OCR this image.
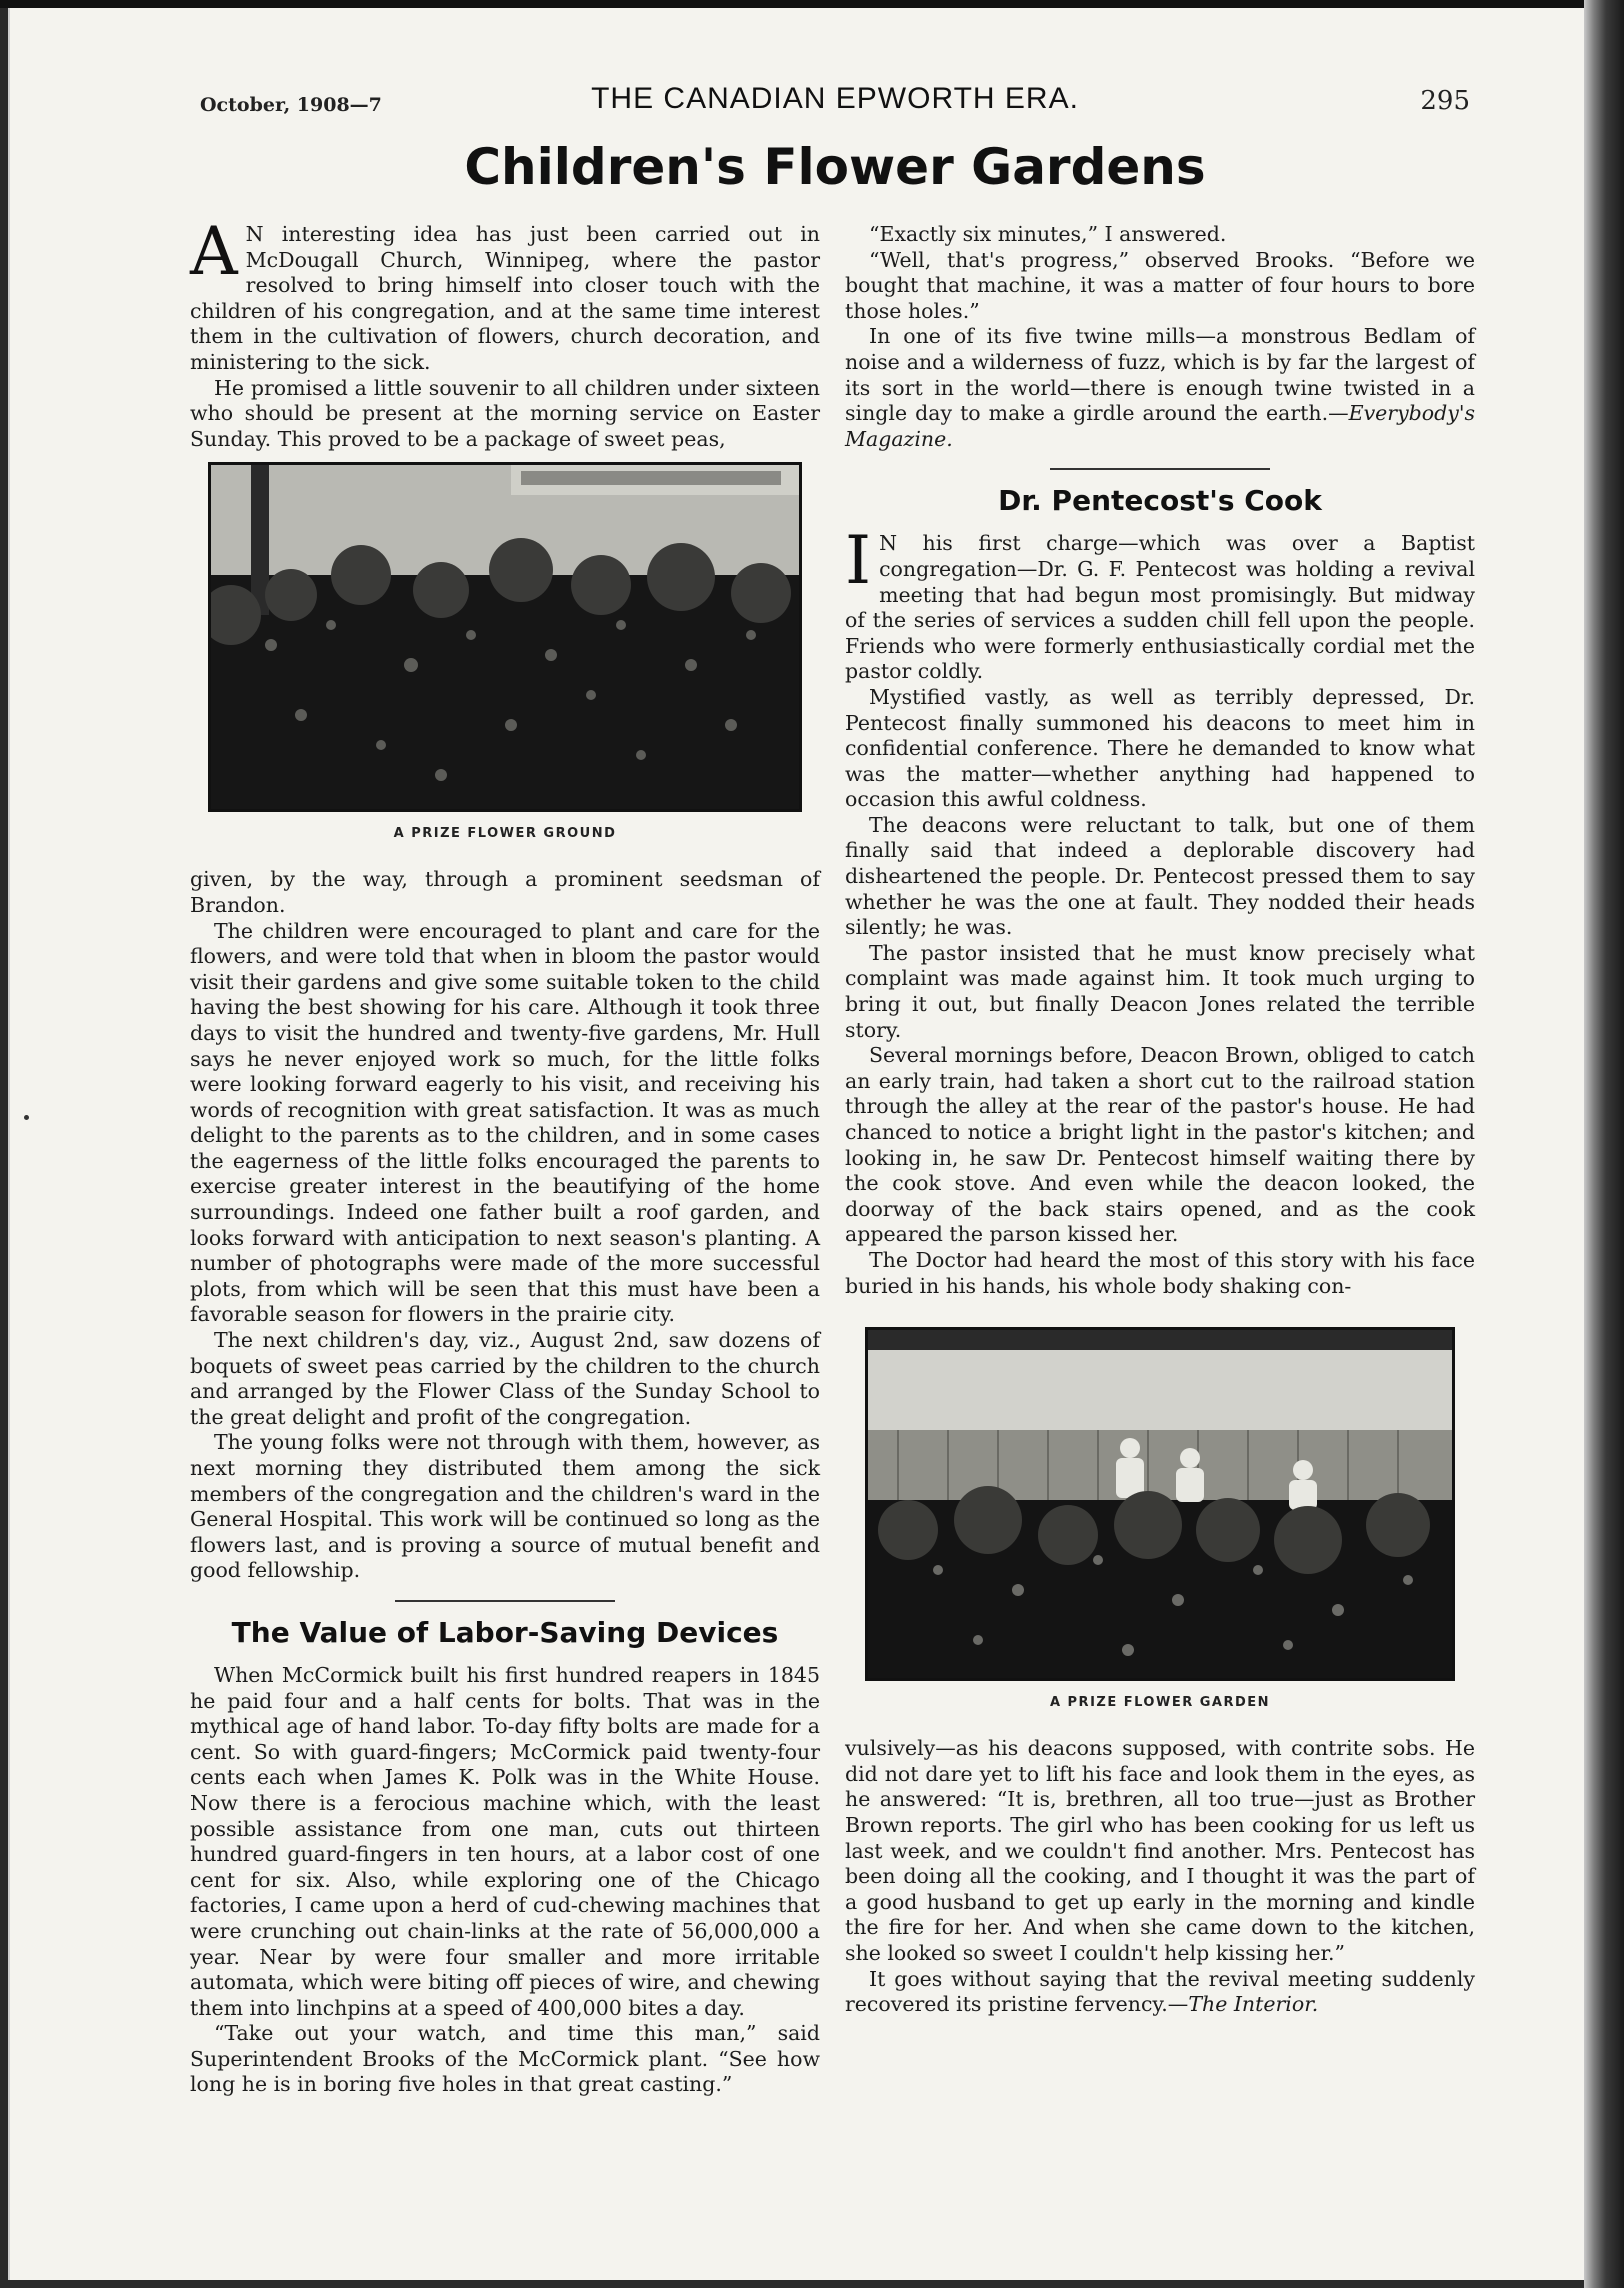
October, 1908—7	THE CANADIAN EPWORTH ERA.	295
Children's Flower Gardens

A N interesting idea has just been carried out in McDougall Church, Winnipeg, where the pastor resolved to bring himself into closer touch with the children of his congregation, and at the same time interest them in the cultivation of flowers, church decoration, and ministering to the sick.

He promised a little souvenir to all children under sixteen who should be present at the morning service on Easter Sunday. This proved to be a package of sweet peas,

A PRIZE FLOWER GROUND

given, by the way, through a prominent seedsman of Brandon.

The children were encouraged to plant and care for the flowers, and were told that when in bloom the pastor would visit their gardens and give some suitable token to the child having the best showing for his care. Although it took three days to visit the hundred and twenty-five gardens, Mr. Hull says he never enjoyed work so much, for the little folks were looking forward eagerly to his visit, and receiving his words of recognition with great satisfaction. It was as much delight to the parents as to the children, and in some cases the eagerness of the little folks encouraged the parents to exercise greater interest in the beautifying of the home surroundings. Indeed one father built a roof garden, and looks forward with anticipation to next season's planting. A number of photographs were made of the more successful plots, from which will be seen that this must have been a favorable season for flowers in the prairie city.

The next children's day, viz., August 2nd, saw dozens of boquets of sweet peas carried by the children to the church and arranged by the Flower Class of the Sunday School to the great delight and profit of the congregation.

The young folks were not through with them, however, as next morning they distributed them among the sick members of the congregation and the children's ward in the General Hospital. This work will be continued so long as the flowers last, and is proving a source of mutual benefit and good fellowship.

The Value of Labor-Saving Devices

When McCormick built his first hundred reapers in 1845 he paid four and a half cents for bolts. That was in the mythical age of hand labor. To-day fifty bolts are made for a cent. So with guard-fingers; McCormick paid twenty-four cents each when James K. Polk was in the White House. Now there is a ferocious machine which, with the least possible assistance from one man, cuts out thirteen hundred guard-fingers in ten hours, at a labor cost of one cent for six. Also, while exploring one of the Chicago factories, I came upon a herd of cud-chewing machines that were crunching out chain-links at the rate of 56,000,000 a year. Near by were four smaller and more irritable automata, which were biting off pieces of wire, and chewing them into linchpins at a speed of 400,000 bites a day.

“Take out your watch, and time this man,” said Superintendent Brooks of the McCormick plant. “See how long he is in boring five holes in that great casting.”

“Exactly six minutes,” I answered.

“Well, that's progress,” observed Brooks. “Before we bought that machine, it was a matter of four hours to bore those holes.”

In one of its five twine mills—a monstrous Bedlam of noise and a wilderness of fuzz, which is by far the largest of its sort in the world—there is enough twine twisted in a single day to make a girdle around the earth.—Everybody's Magazine.

Dr. Pentecost's Cook

I N his first charge—which was over a Baptist congregation—Dr. G. F. Pentecost was holding a revival meeting that had begun most promisingly. But midway of the series of services a sudden chill fell upon the people. Friends who were formerly enthusiastically cordial met the pastor coldly.

Mystified vastly, as well as terribly depressed, Dr. Pentecost finally summoned his deacons to meet him in confidential conference. There he demanded to know what was the matter—whether anything had happened to occasion this awful coldness.

The deacons were reluctant to talk, but one of them finally said that indeed a deplorable discovery had disheartened the people. Dr. Pentecost pressed them to say whether he was the one at fault. They nodded their heads silently; he was.

The pastor insisted that he must know precisely what complaint was made against him. It took much urging to bring it out, but finally Deacon Jones related the terrible story.

Several mornings before, Deacon Brown, obliged to catch an early train, had taken a short cut to the railroad station through the alley at the rear of the pastor's house. He had chanced to notice a bright light in the pastor's kitchen; and looking in, he saw Dr. Pentecost himself waiting there by the cook stove. And even while the deacon looked, the doorway of the back stairs opened, and as the cook appeared the parson kissed her.

The Doctor had heard the most of this story with his face buried in his hands, his whole body shaking con-

A PRIZE FLOWER GARDEN

vulsively—as his deacons supposed, with contrite sobs. He did not dare yet to lift his face and look them in the eyes, as he answered: “It is, brethren, all too true—just as Brother Brown reports. The girl who has been cooking for us left us last week, and we couldn't find another. Mrs. Pentecost has been doing all the cooking, and I thought it was the part of a good husband to get up early in the morning and kindle the fire for her. And when she came down to the kitchen, she looked so sweet I couldn't help kissing her.”

It goes without saying that the revival meeting suddenly recovered its pristine fervency.—The Interior.
